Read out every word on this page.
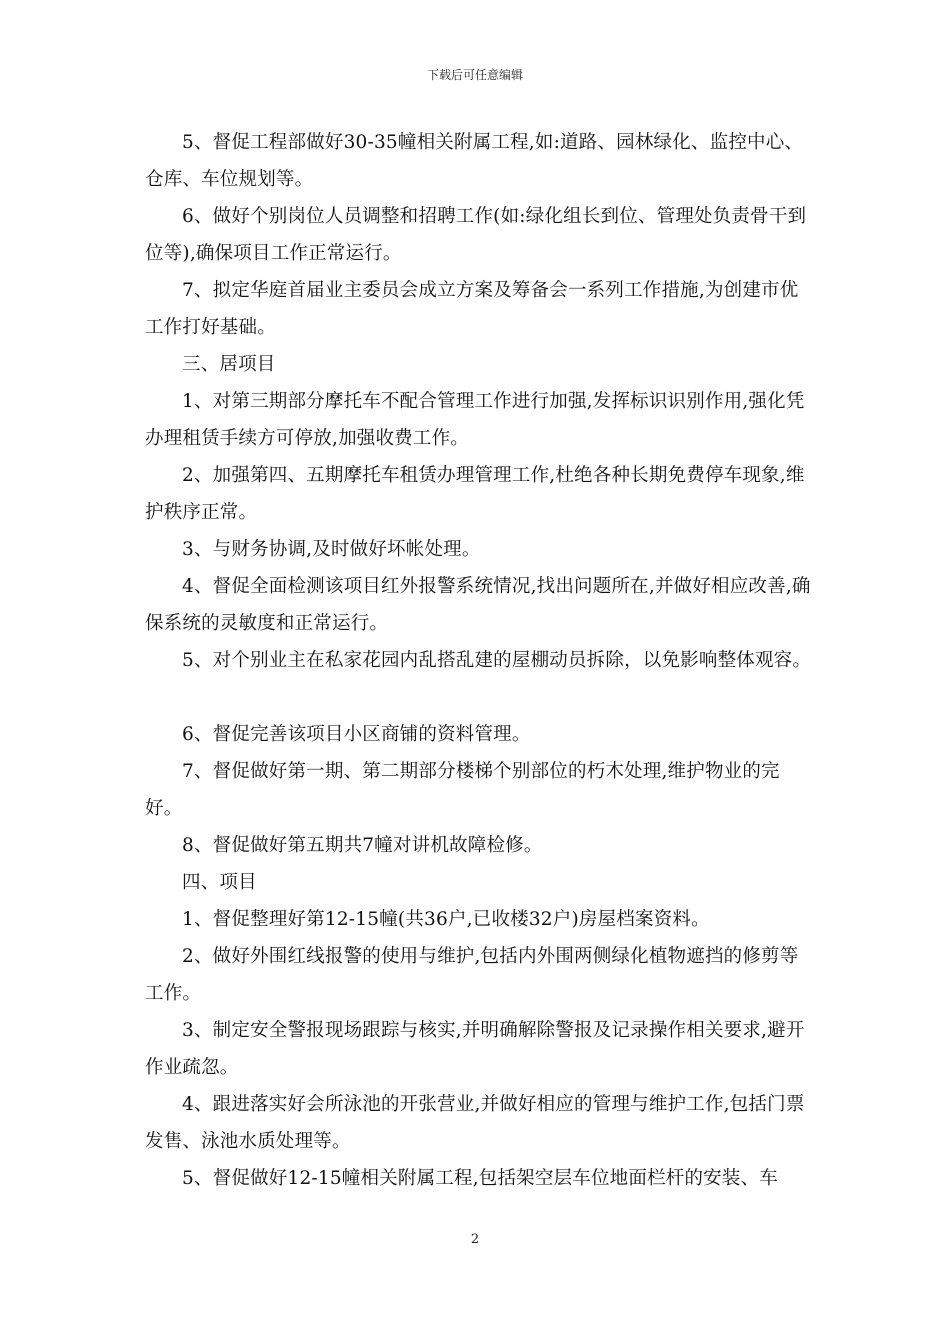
下载后可任意编辑

5、督促工程部做好30-35幢相关附属工程,如:道路、园林绿化、监控中心、仓库、车位规划等。

6、做好个别岗位人员调整和招聘工作(如:绿化组长到位、管理处负责骨干到位等),确保项目工作正常运行。

7、拟定华庭首届业主委员会成立方案及筹备会一系列工作措施,为创建市优工作打好基础。

三、居项目

1、对第三期部分摩托车不配合管理工作进行加强,发挥标识识别作用,强化凭办理租赁手续方可停放,加强收费工作。

2、加强第四、五期摩托车租赁办理管理工作,杜绝各种长期免费停车现象,维护秩序正常。

3、与财务协调,及时做好坏帐处理。

4、督促全面检测该项目红外报警系统情况,找出问题所在,并做好相应改善,确保系统的灵敏度和正常运行。

5、对个别业主在私家花园内乱搭乱建的屋棚动员拆除，以免影响整体观容。

6、督促完善该项目小区商铺的资料管理。

7、督促做好第一期、第二期部分楼梯个别部位的朽木处理,维护物业的完好。

8、督促做好第五期共7幢对讲机故障检修。

四、项目

1、督促整理好第12-15幢(共36户,已收楼32户)房屋档案资料。

2、做好外围红线报警的使用与维护,包括内外围两侧绿化植物遮挡的修剪等工作。

3、制定安全警报现场跟踪与核实,并明确解除警报及记录操作相关要求,避开作业疏忽。

4、跟进落实好会所泳池的开张营业,并做好相应的管理与维护工作,包括门票发售、泳池水质处理等。

5、督促做好12-15幢相关附属工程,包括架空层车位地面栏杆的安装、车

2
